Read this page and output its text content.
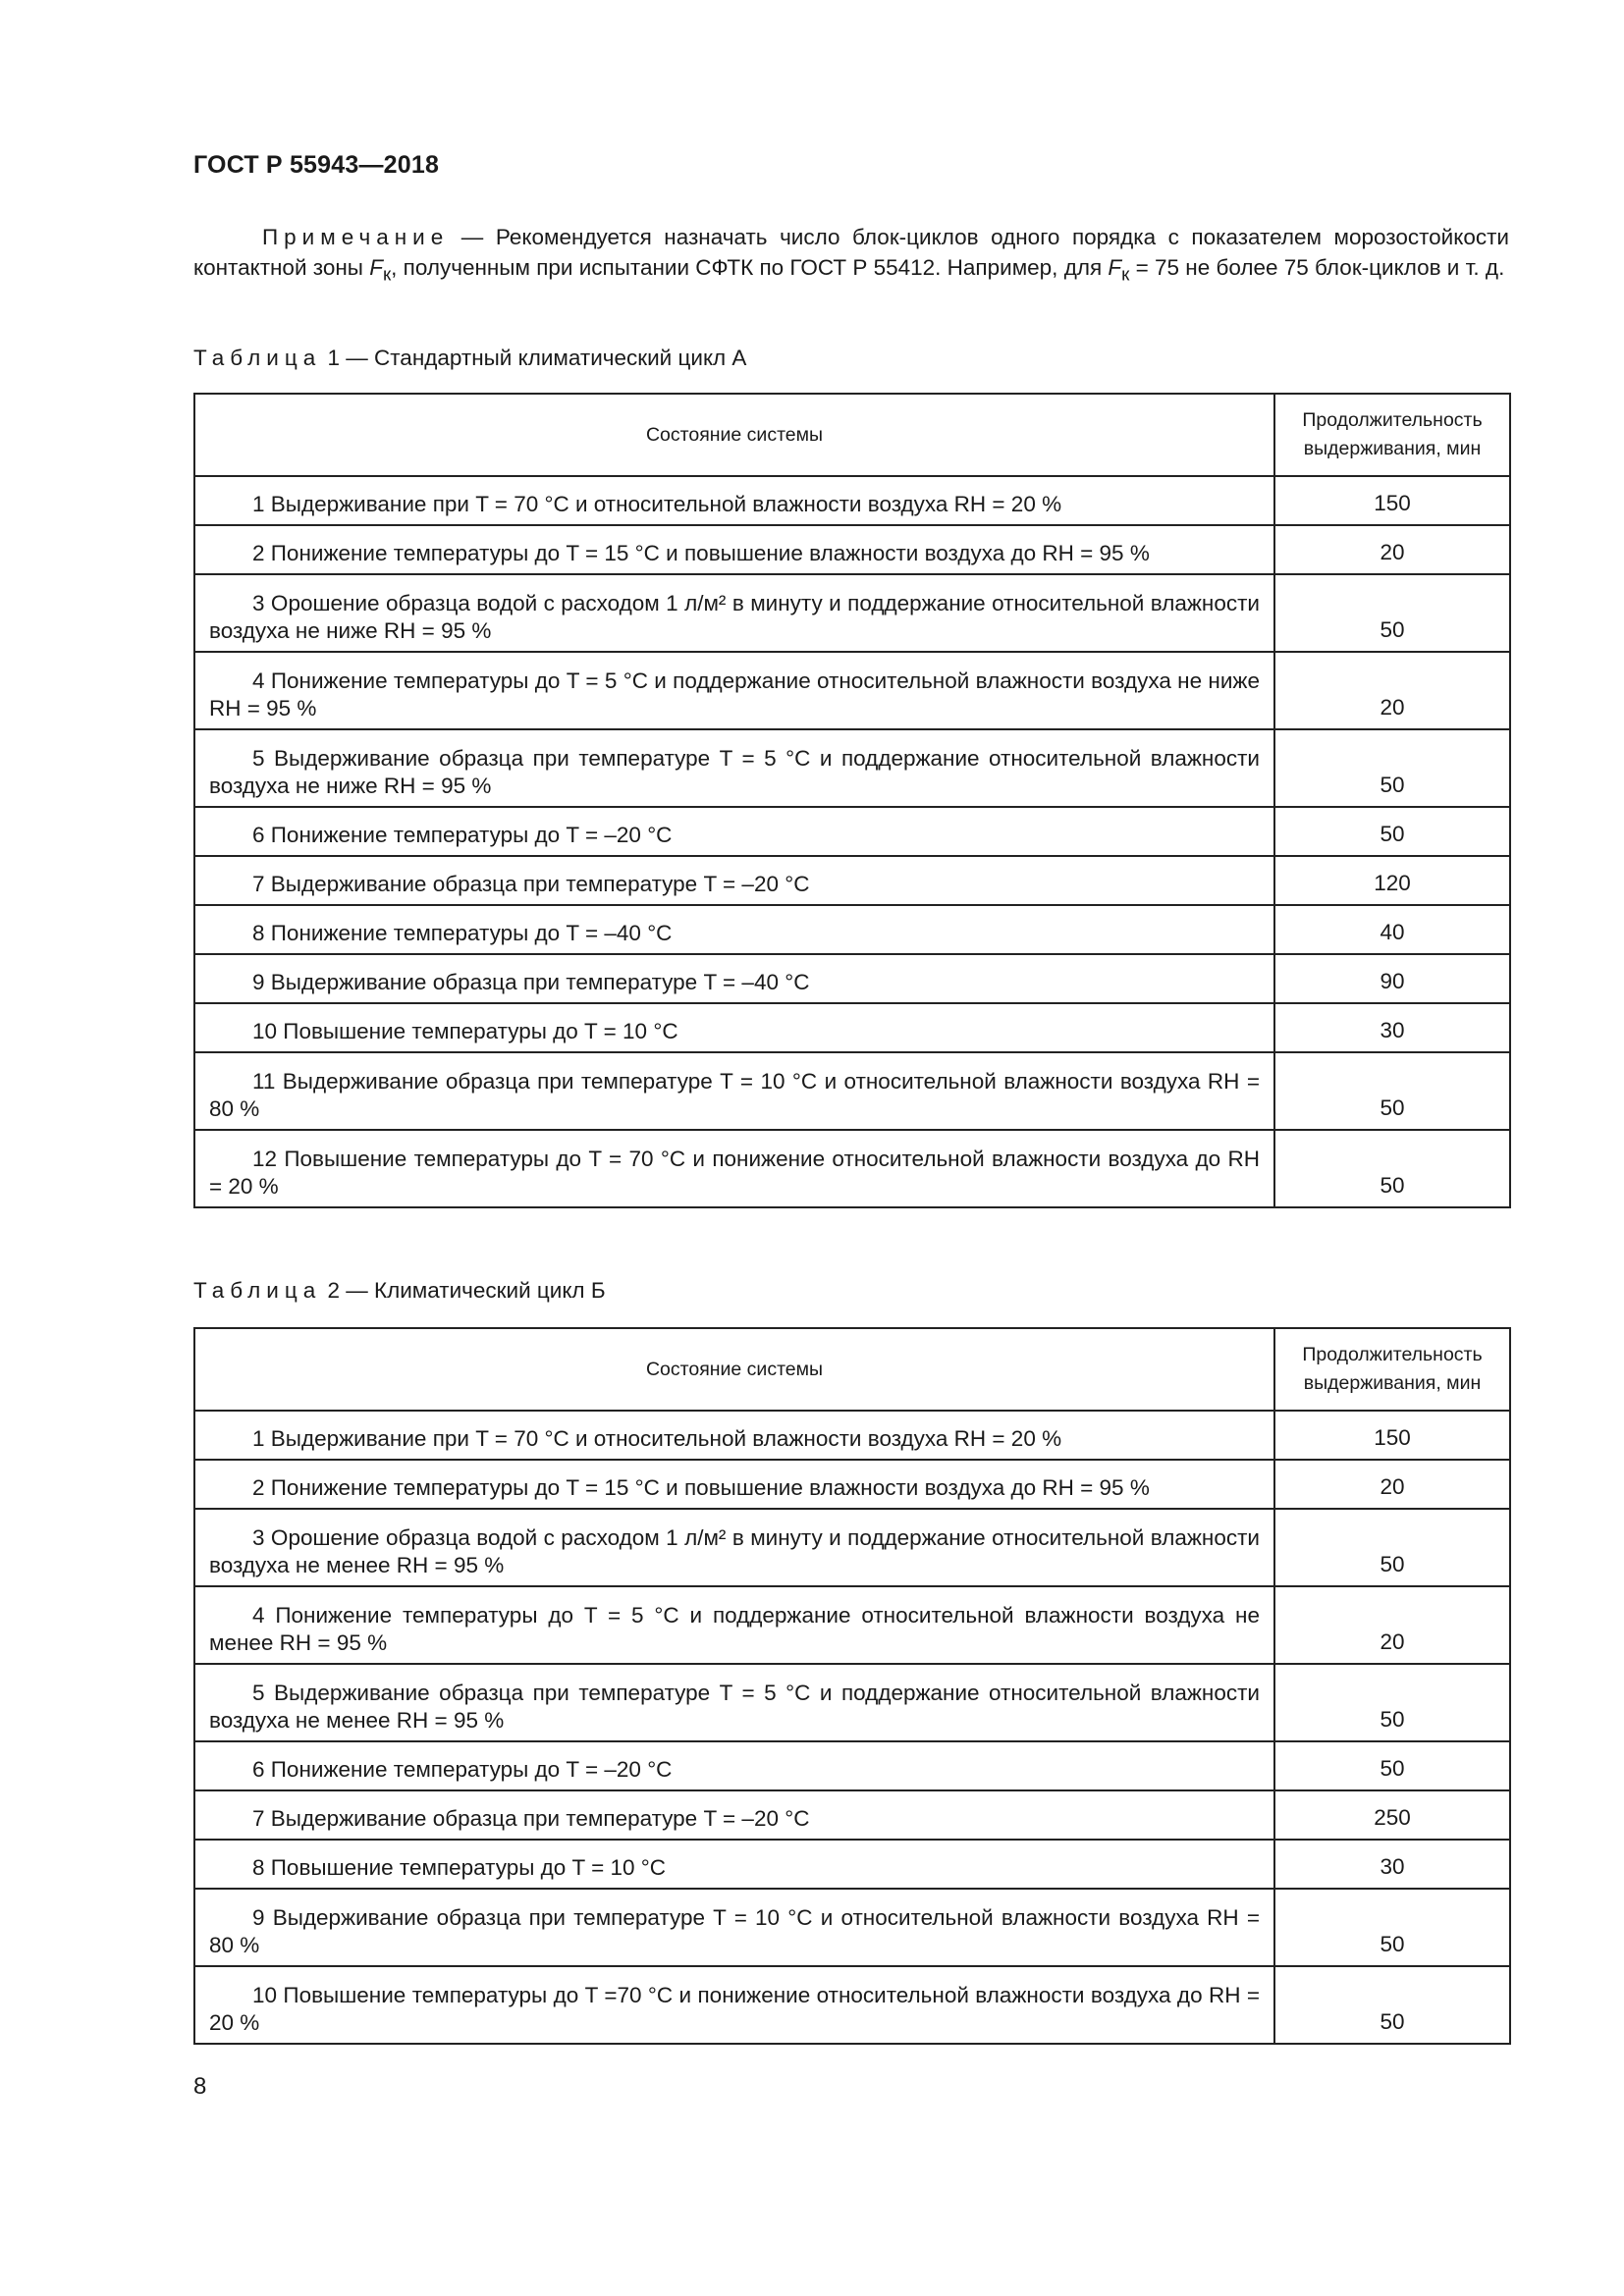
ГОСТ Р 55943—2018
Примечание — Рекомендуется назначать число блок-циклов одного порядка с показателем морозостойкости контактной зоны $F_к$, полученным при испытании СФТК по ГОСТ Р 55412. Например, для $F_к = 75$ не более 75 блок-циклов и т. д.
Таблица 1 — Стандартный климатический цикл А
Состояние системы	Продолжительность
выдерживания, мин
1 Выдерживание при T = 70 °C и относительной влажности воздуха RH = 20 %	150
2 Понижение температуры до T = 15 °C и повышение влажности воздуха до RH = 95 %	20
3 Орошение образца водой с расходом 1 л/м² в минуту и поддержание относительной влажности воздуха не ниже RH = 95 %	50
4 Понижение температуры до T = 5 °C и поддержание относительной влажности воздуха не ниже RH = 95 %	20
5 Выдерживание образца при температуре T = 5 °C и поддержание относительной влажности воздуха не ниже RH = 95 %	50
6 Понижение температуры до T = –20 °C	50
7 Выдерживание образца при температуре T = –20 °C	120
8 Понижение температуры до T = –40 °C	40
9 Выдерживание образца при температуре T = –40 °C	90
10 Повышение температуры до T = 10 °C	30
11 Выдерживание образца при температуре T = 10 °C и относительной влажности воздуха RH = 80 %	50
12 Повышение температуры до T = 70 °C и понижение относительной влажности воздуха до RH = 20 %	50
Таблица 2 — Климатический цикл Б
Состояние системы	Продолжительность
выдерживания, мин
1 Выдерживание при T = 70 °C и относительной влажности воздуха RH = 20 %	150
2 Понижение температуры до T = 15 °C и повышение влажности воздуха до RH = 95 %	20
3 Орошение образца водой с расходом 1 л/м² в минуту и поддержание относительной влажности воздуха не менее RH = 95 %	50
4 Понижение температуры до T = 5 °C и поддержание относительной влажности воздуха не менее RH = 95 %	20
5 Выдерживание образца при температуре T = 5 °C и поддержание относительной влажности воздуха не менее RH = 95 %	50
6 Понижение температуры до T = –20 °C	50
7 Выдерживание образца при температуре T = –20 °C	250
8 Повышение температуры до T = 10 °C	30
9 Выдерживание образца при температуре T = 10 °C и относительной влажности воздуха RH = 80 %	50
10 Повышение температуры до T =70 °C и понижение относительной влажности воздуха до RH = 20 %	50
8
